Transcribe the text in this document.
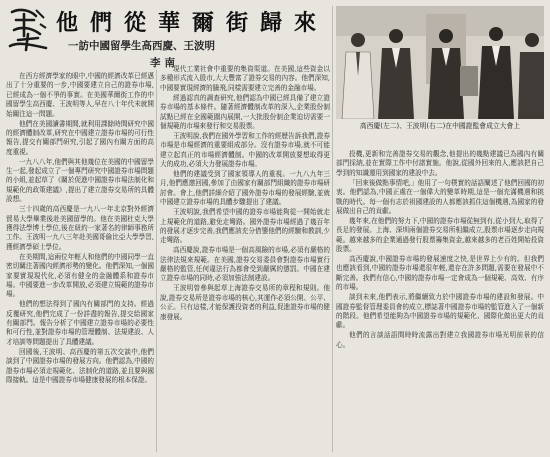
他們從華爾街歸來
一訪中國留學生高西慶、王波明
李南
高西慶(左二)、王波明(右二)在中國證監會成立大會上

在西方經濟學家的眼中,中國的經濟改革已經邁出了十分重要的一步,中國要建立自己的證券市場,已經成為一個不爭的事實。在美國華爾街工作的中國留學生高西慶、王波明等人,早在八十年代末就開始關注這一問題。

他們在美國讀書期間,就利用課餘時間研究中國的經濟體制改革,研究在中國建立證券市場的可行性報告,提交有關部門研究,引起了國內有關方面的高度重視。

一九八八年,他們與其他幾位在美國的中國留學生一起,發起成立了一個專門研究中國證券市場問題的小組,並起草了《關於促進中國證券市場法制化和規範化的政策建議》,提出了建立證券交易所的具體設想。

三十四歲的高西慶是一九八一年北京對外經濟貿易大學畢業後赴美國留學的。他在美國杜克大學獲得法學博士學位,後在紐約一家著名的律師事務所工作。王波明一九八三年赴美國哥倫比亞大學學習,獲經濟學碩士學位。

在美期間,這兩位年輕人和他們的中國同學一直密切關注著國內經濟形勢的變化。他們深知,一個國家要實現現代化,必須有健全的金融體系和證券市場。中國要進一步改革開放,必須建立規範的證券市場。

他們的想法得到了國內有關部門的支持。經過反覆研究,他們完成了一份詳盡的報告,提交給國家有關部門。報告分析了中國建立證券市場的必要性和可行性,並對證券市場的管理體制、法規建設、人才培訓等問題提出了具體建議。

回國後,王波明、高西慶的第五次交談中,他們談到了中國證券市場的發展方向。他們認為,中國的證券市場必須走規範化、法制化的道路,並且要與國際接軌。這是中國證券市場健康發展的根本保證。

現代工業社會中重要的集資渠道。在美國,這些資金以多種形式流入股市,大大豐富了證券交易的內容。他們深知,中國要實現經濟的騰飛,同樣需要建立完善的金融市場。

經過認真的調查研究,他們認為中國已經具備了建立證券市場的基本條件。隨著經濟體制改革的深入,企業股份制試點已經在全國範圍內展開,一大批股份制企業迫切需要一個規範的市場來發行和交易股票。

王波明說,我們在國外學習和工作的經歷告訴我們,證券市場是市場經濟的重要組成部分。沒有證券市場,就不可能建立起真正的市場經濟體制。中國的改革開放要想取得更大的成功,必須大力發展證券市場。

他們的建議受到了國家領導人的重視。一九八九年三月,他們應邀回國,參加了由國家有關部門組織的證券市場研討會。會上,他們詳細介紹了國外證券市場的發展經驗,並就中國建立證券市場的具體步驟提出了建議。

王波明說,我們希望中國的證券市場能夠從一開始就走上規範化的道路,避免走彎路。國外證券市場經過了幾百年的發展才逐步完善,我們應該充分借鑒他們的經驗和教訓,少走彎路。

高西慶說,證券市場是一個高風險的市場,必須有嚴格的法律法規來規範。在美國,證券交易委員會對證券市場實行嚴格的監管,任何違法行為都會受到嚴厲的懲罰。中國在建立證券市場的同時,必須加強法制建設。

王波明曾參與起草上海證券交易所的章程和規則。他說,證券交易所是證券市場的核心,其運作必須公開、公平、公正。只有這樣,才能保護投資者的利益,促進證券市場的健康發展。

投機,更新和完善證券交易的觀念,他提出的幾點建議已為國內有關部門採納,並在實際工作中付諸實施。他說,從國外回來的人,應該把自己學到的知識運用到國家的建設中去。

「回來後做點事情吧,」他用了一句樸實的話語闡述了他們回國的初衷。他們認為,中國正處在一個偉大的變革時期,這是一個充滿機遇和挑戰的時代。每一個有志於祖國建設的人都應該抓住這個機遇,為國家的發展做出自己的貢獻。

幾年來,在他們的努力下,中國的證券市場從無到有,從小到大,取得了長足的發展。上海、深圳兩個證券交易所相繼成立,股票市場逐步走向規範。越來越多的企業通過發行股票籌集資金,越來越多的老百姓開始投資股票。

高西慶說,中國證券市場的發展速度之快,是世界上少有的。但我們也應該看到,中國的證券市場還很年輕,還存在許多問題,需要在發展中不斷完善。我們有信心,中國的證券市場一定會成為一個規範、高效、有序的市場。

談到未來,他們表示,將繼續致力於中國證券市場的建設和發展。中國證券監督管理委員會的成立,標誌著中國證券市場的監管進入了一個新的階段。他們希望能夠為中國證券市場的規範化、國際化做出更大的貢獻。

他們的言談話語間時時流露出對建立我國證券市場光明前景的信心。
